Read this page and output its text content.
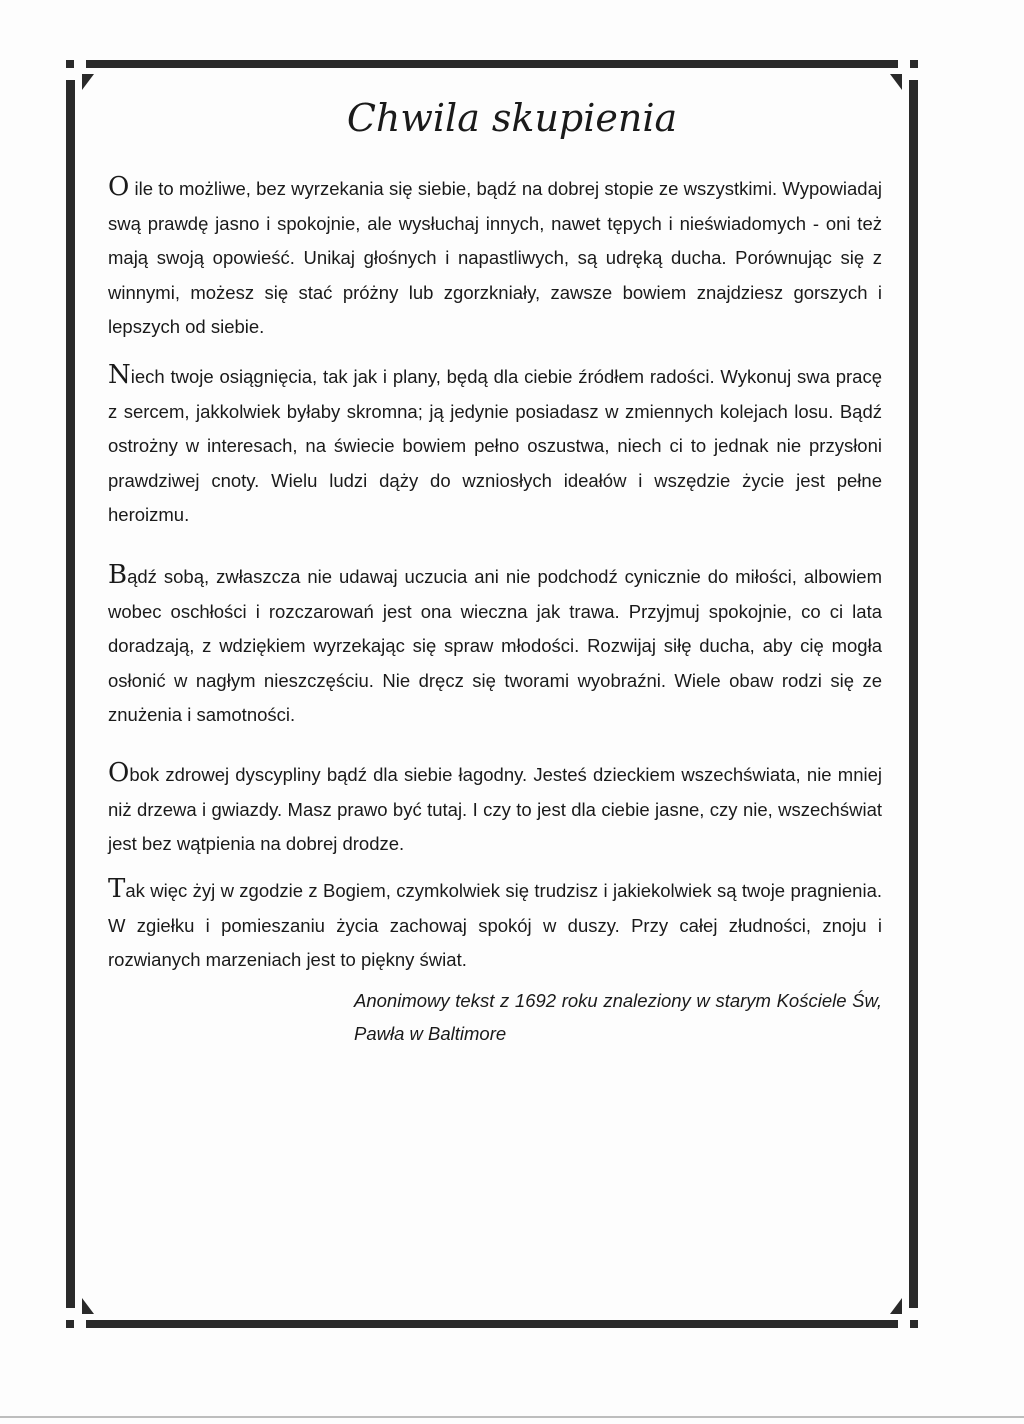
Chwila skupienia

O ile to możliwe, bez wyrzekania się siebie, bądź na dobrej stopie ze wszystkimi. Wypowiadaj swą prawdę jasno i spokojnie, ale wysłuchaj innych, nawet tępych i nieświadomych - oni też mają swoją opowieść. Unikaj głośnych i napastliwych, są udręką ducha. Porównując się z winnymi, możesz się stać próżny lub zgorzkniały, zawsze bowiem znajdziesz gorszych i lepszych od siebie.

Niech twoje osiągnięcia, tak jak i plany, będą dla ciebie źródłem radości. Wykonuj swa pracę z sercem, jakkolwiek byłaby skromna; ją jedynie posiadasz w zmiennych kolejach losu. Bądź ostrożny w interesach, na świecie bowiem pełno oszustwa, niech ci to jednak nie przysłoni prawdziwej cnoty. Wielu ludzi dąży do wzniosłych ideałów i wszędzie życie jest pełne heroizmu.

Bądź sobą, zwłaszcza nie udawaj uczucia ani nie podchodź cynicznie do miłości, albowiem wobec oschłości i rozczarowań jest ona wieczna jak trawa. Przyjmuj spokojnie, co ci lata doradzają, z wdziękiem wyrzekając się spraw młodości. Rozwijaj siłę ducha, aby cię mogła osłonić w nagłym nieszczęściu. Nie dręcz się tworami wyobraźni. Wiele obaw rodzi się ze znużenia i samotności.

Obok zdrowej dyscypliny bądź dla siebie łagodny. Jesteś dzieckiem wszechświata, nie mniej niż drzewa i gwiazdy. Masz prawo być tutaj. I czy to jest dla ciebie jasne, czy nie, wszechświat jest bez wątpienia na dobrej drodze.

Tak więc żyj w zgodzie z Bogiem, czymkolwiek się trudzisz i jakiekolwiek są twoje pragnienia. W zgiełku i pomieszaniu życia zachowaj spokój w duszy. Przy całej złudności, znoju i rozwianych marzeniach jest to piękny świat.

Anonimowy tekst z 1692 roku znaleziony w starym Kościele Św, Pawła w Baltimore
